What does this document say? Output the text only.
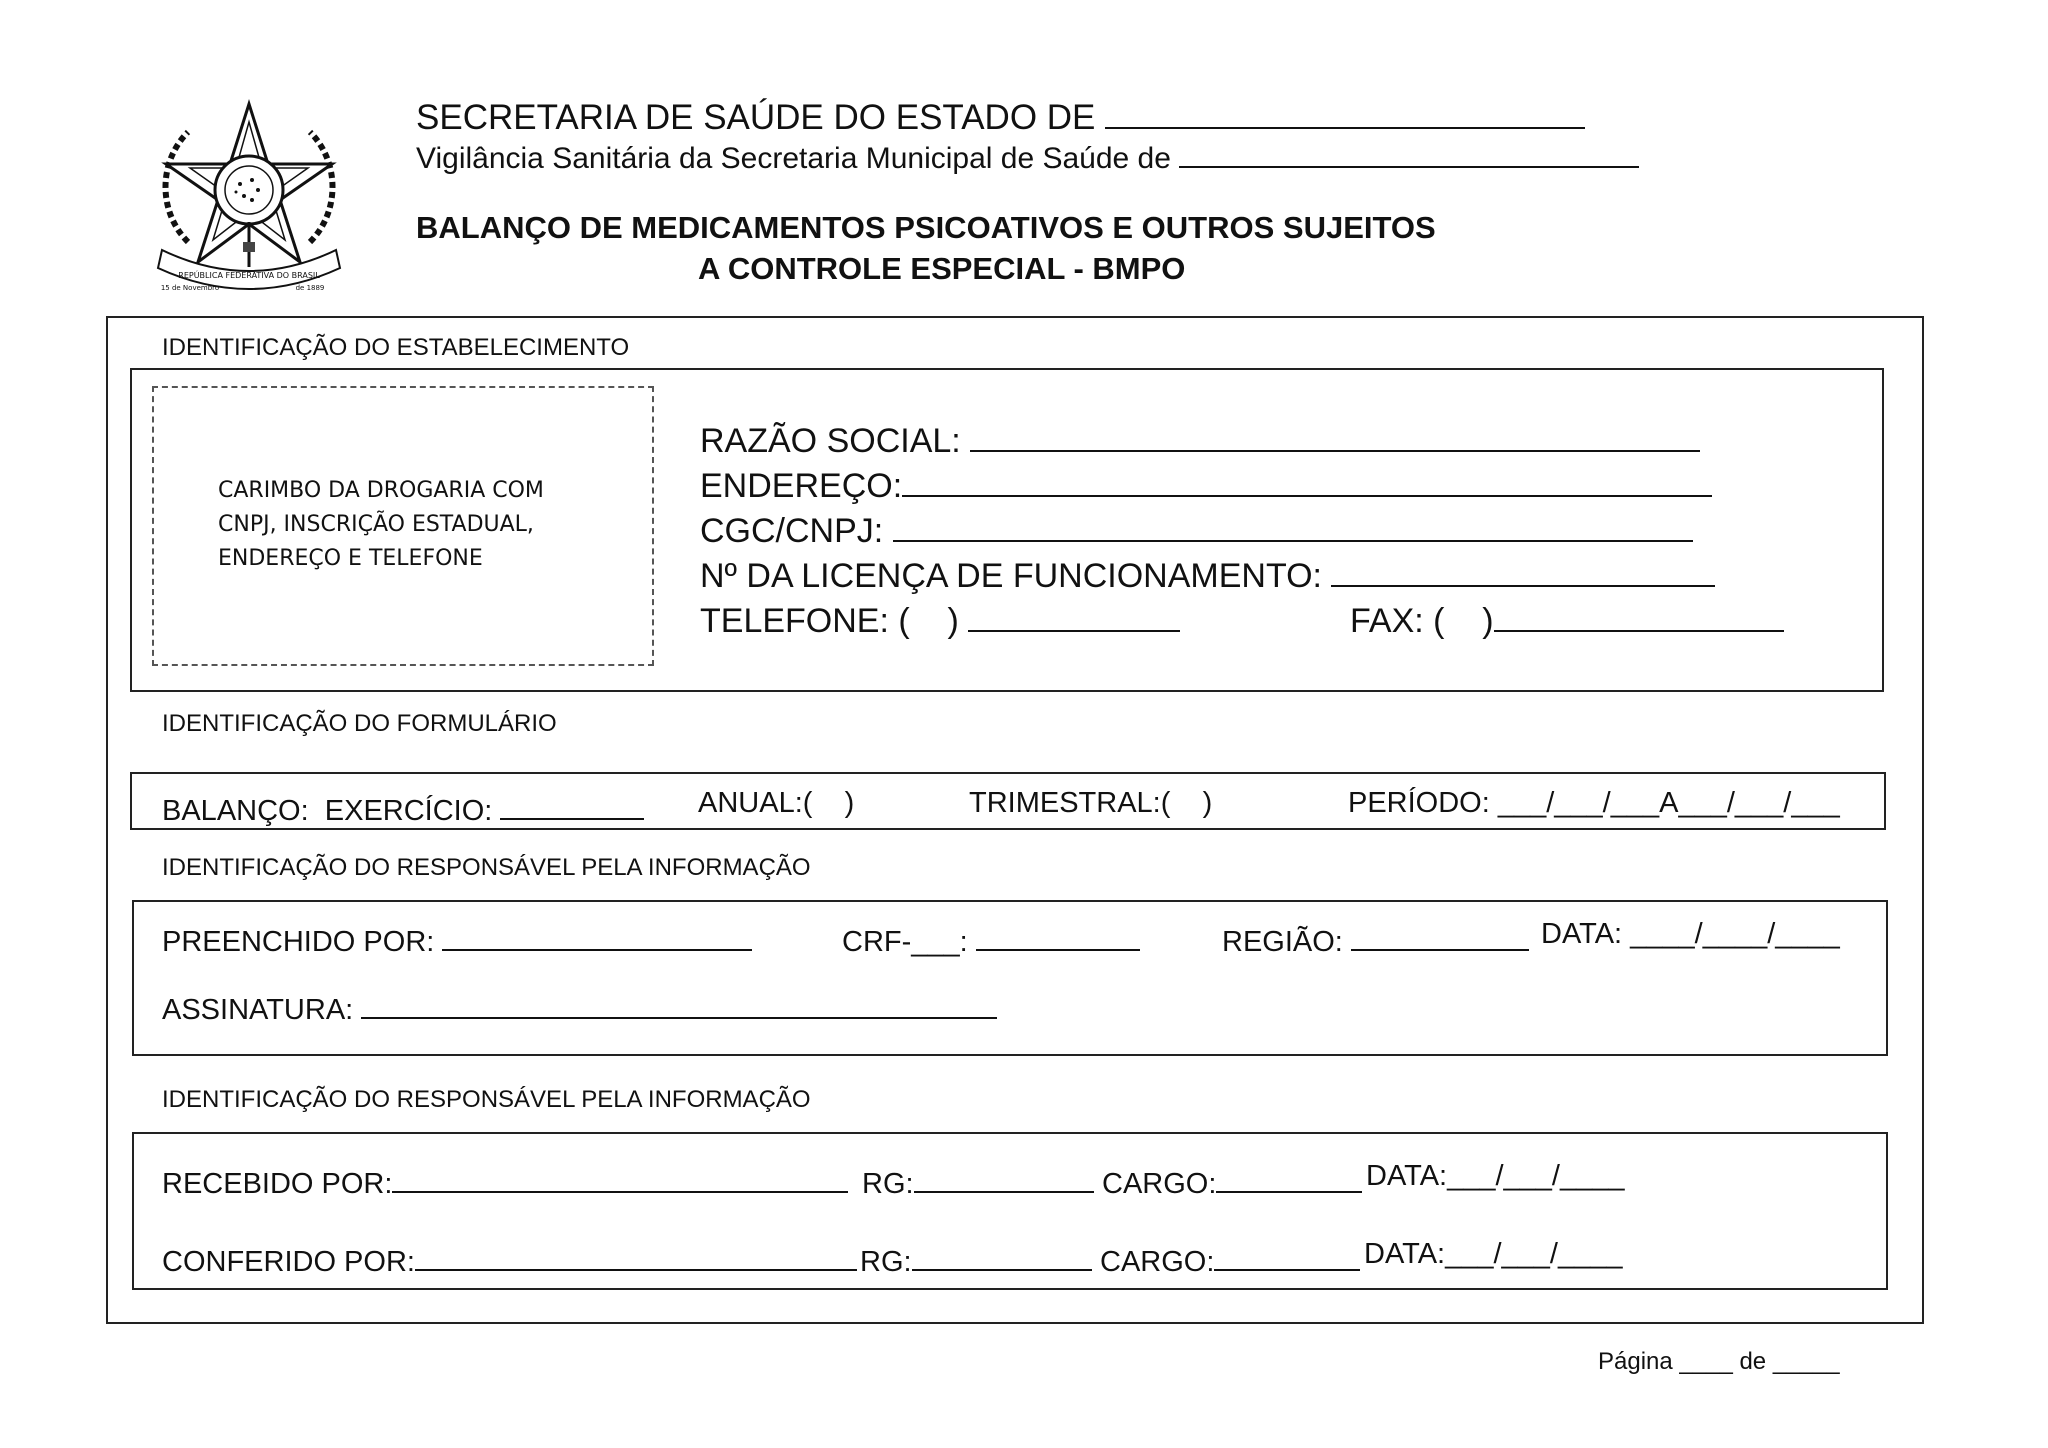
REPÚBLICA FEDERATIVA DO BRASIL
15 de Novembro	de 1889
SECRETARIA DE SAÚDE DO ESTADO DE
Vigilância Sanitária da Secretaria Municipal de Saúde de
BALANÇO DE MEDICAMENTOS PSICOATIVOS E OUTROS SUJEITOS
A CONTROLE ESPECIAL - BMPO
IDENTIFICAÇÃO DO ESTABELECIMENTO
CARIMBO DA DROGARIA COM CNPJ, INSCRIÇÃO ESTADUAL, ENDEREÇO E TELEFONE
RAZÃO SOCIAL:
ENDEREÇO:
CGC/CNPJ:
Nº DA LICENÇA DE FUNCIONAMENTO:
TELEFONE: (    )	FAX: (    )
IDENTIFICAÇÃO DO FORMULÁRIO
BALANÇO:  EXERCÍCIO:	ANUAL:(    )	TRIMESTRAL:(    )	PERÍODO: ___/___/___A___/___/___
IDENTIFICAÇÃO DO RESPONSÁVEL PELA INFORMAÇÃO
PREENCHIDO POR:	CRF-___:	REGIÃO:	DATA: ____/____/____
ASSINATURA:
IDENTIFICAÇÃO DO RESPONSÁVEL PELA INFORMAÇÃO
RECEBIDO POR:	RG:	CARGO:	DATA:___/___/____
CONFERIDO POR:	RG:	CARGO:	DATA:___/___/____
Página ____ de _____
